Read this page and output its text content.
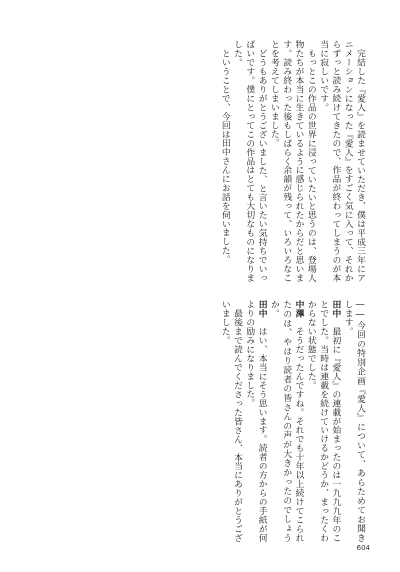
完結した『愛人』を読ませていただき、僕は平成三年にアニメーションになった『愛人』をすごく気に入って、それからずっと読み続けてきたので、作品が終わってしまうのが本当に寂しいです。

もっとこの作品の世界に浸っていたいと思うのは、登場人物たちが本当に生きているように感じられたからだと思います。読み終わった後もしばらく余韻が残って、いろいろなことを考えてしまいました。

どうもありがとうございました、と言いたい気持ちでいっぱいです。僕にとってこの作品はとても大切なものになりました。

ということで、今回は田中さんにお話を伺いました。

――今回の特別企画『愛人』について、あらためてお聞きします。

田中　最初に『愛人』の連載が始まったのは一九九九年のことでした。当時は連載を続けていけるかどうか、まったくわからない状態でした。

中澤　そうだったんですね。それでも十年以上続けてこられたのは、やはり読者の皆さんの声が大きかったのでしょうか。

田中　はい、本当にそう思います。読者の方からの手紙が何よりの励みになりました。

最後まで読んでくださった皆さん、本当にありがとうございました。

604
